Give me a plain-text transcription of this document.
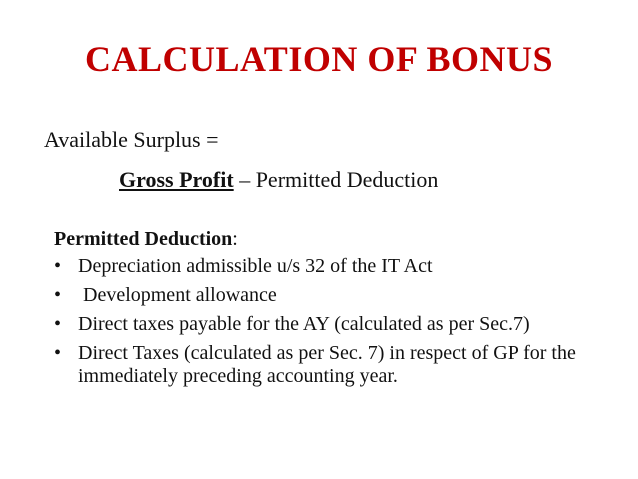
CALCULATION OF BONUS
Available Surplus =
Gross Profit – Permitted Deduction
Permitted Deduction:
• Depreciation admissible u/s 32 of the IT Act
• Development allowance
• Direct taxes payable for the AY (calculated as per Sec.7)
• Direct Taxes (calculated as per Sec. 7) in respect of GP for the immediately preceding accounting year.
